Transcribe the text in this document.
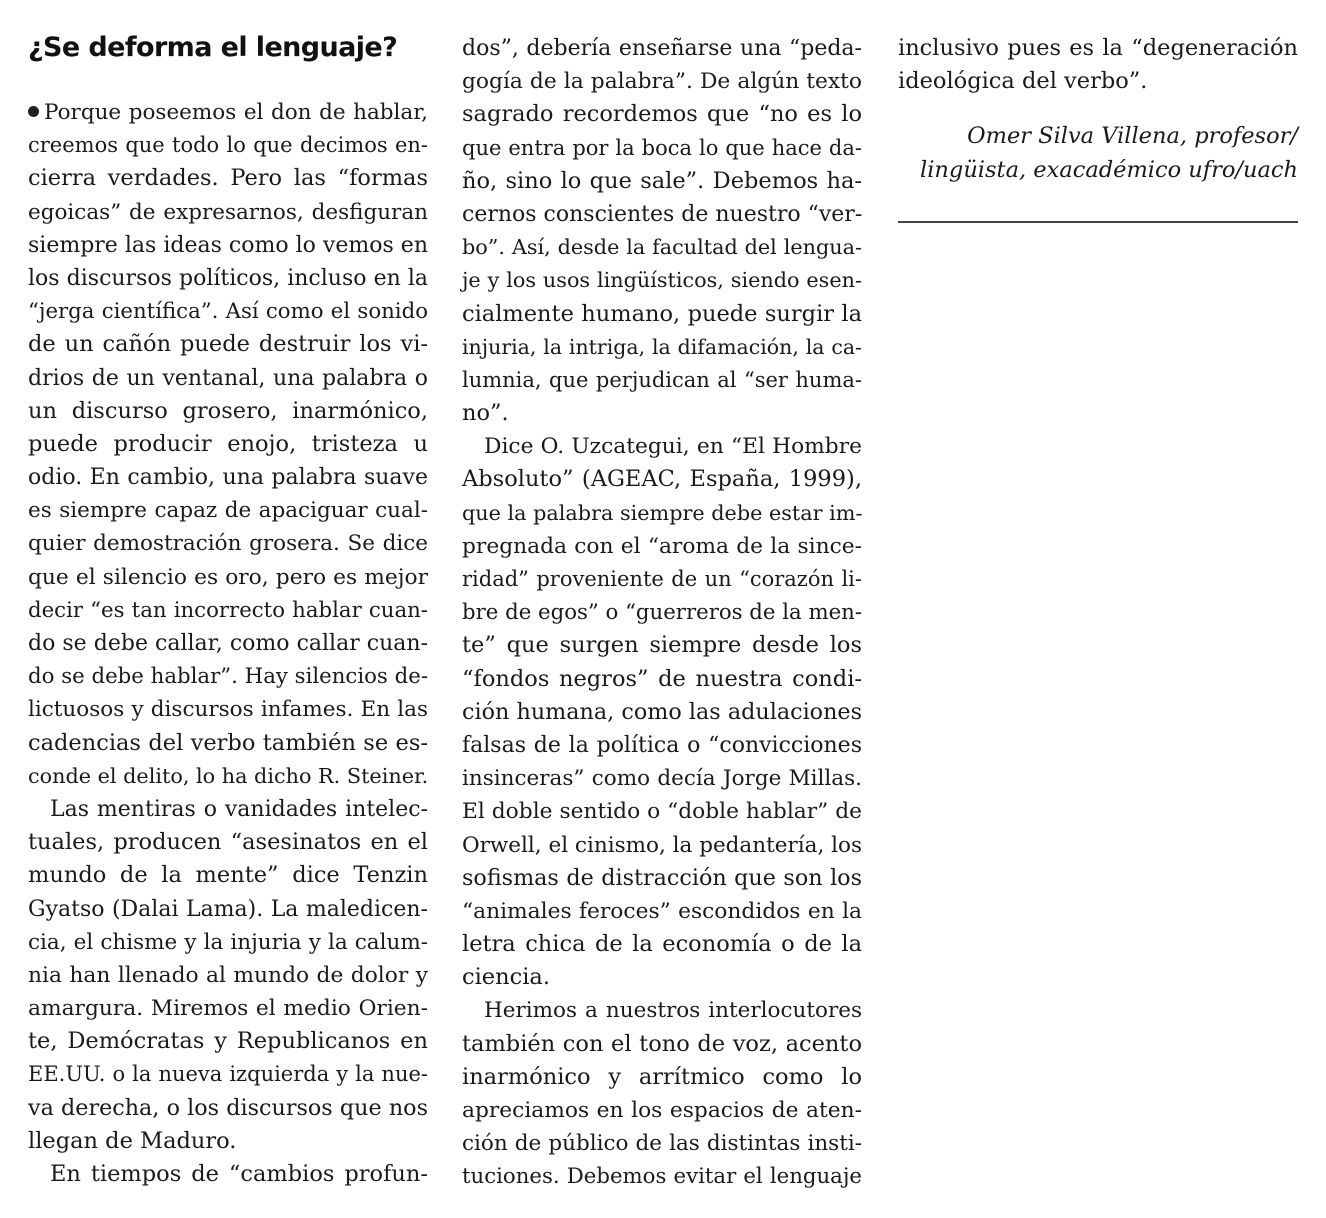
¿Se deforma el lenguaje?
Porque poseemos el don de hablar,
creemos que todo lo que decimos en-
cierra verdades. Pero las “formas
egoicas” de expresarnos, desfiguran
siempre las ideas como lo vemos en
los discursos políticos, incluso en la
“jerga científica”. Así como el sonido
de un cañón puede destruir los vi-
drios de un ventanal, una palabra o
un discurso grosero, inarmónico,
puede producir enojo, tristeza u
odio. En cambio, una palabra suave
es siempre capaz de apaciguar cual-
quier demostración grosera. Se dice
que el silencio es oro, pero es mejor
decir “es tan incorrecto hablar cuan-
do se debe callar, como callar cuan-
do se debe hablar”. Hay silencios de-
lictuosos y discursos infames. En las
cadencias del verbo también se es-
conde el delito, lo ha dicho R. Steiner.
Las mentiras o vanidades intelec-
tuales, producen “asesinatos en el
mundo de la mente” dice Tenzin
Gyatso (Dalai Lama). La maledicen-
cia, el chisme y la injuria y la calum-
nia han llenado al mundo de dolor y
amargura. Miremos el medio Orien-
te, Demócratas y Republicanos en
EE.UU. o la nueva izquierda y la nue-
va derecha, o los discursos que nos
llegan de Maduro.
En tiempos de “cambios profun-
dos”, debería enseñarse una “peda-
gogía de la palabra”. De algún texto
sagrado recordemos que “no es lo
que entra por la boca lo que hace da-
ño, sino lo que sale”. Debemos ha-
cernos conscientes de nuestro “ver-
bo”. Así, desde la facultad del lengua-
je y los usos lingüísticos, siendo esen-
cialmente humano, puede surgir la
injuria, la intriga, la difamación, la ca-
lumnia, que perjudican al “ser huma-
no”.
Dice O. Uzcategui, en “El Hombre
Absoluto” (AGEAC, España, 1999),
que la palabra siempre debe estar im-
pregnada con el “aroma de la since-
ridad” proveniente de un “corazón li-
bre de egos” o “guerreros de la men-
te” que surgen siempre desde los
“fondos negros” de nuestra condi-
ción humana, como las adulaciones
falsas de la política o “convicciones
insinceras” como decía Jorge Millas.
El doble sentido o “doble hablar” de
Orwell, el cinismo, la pedantería, los
sofismas de distracción que son los
“animales feroces” escondidos en la
letra chica de la economía o de la
ciencia.
Herimos a nuestros interlocutores
también con el tono de voz, acento
inarmónico y arrítmico como lo
apreciamos en los espacios de aten-
ción de público de las distintas insti-
tuciones. Debemos evitar el lenguaje
inclusivo pues es la “degeneración
ideológica del verbo”.
Omer Silva Villena, profesor/
lingüista, exacadémico ufro/uach
